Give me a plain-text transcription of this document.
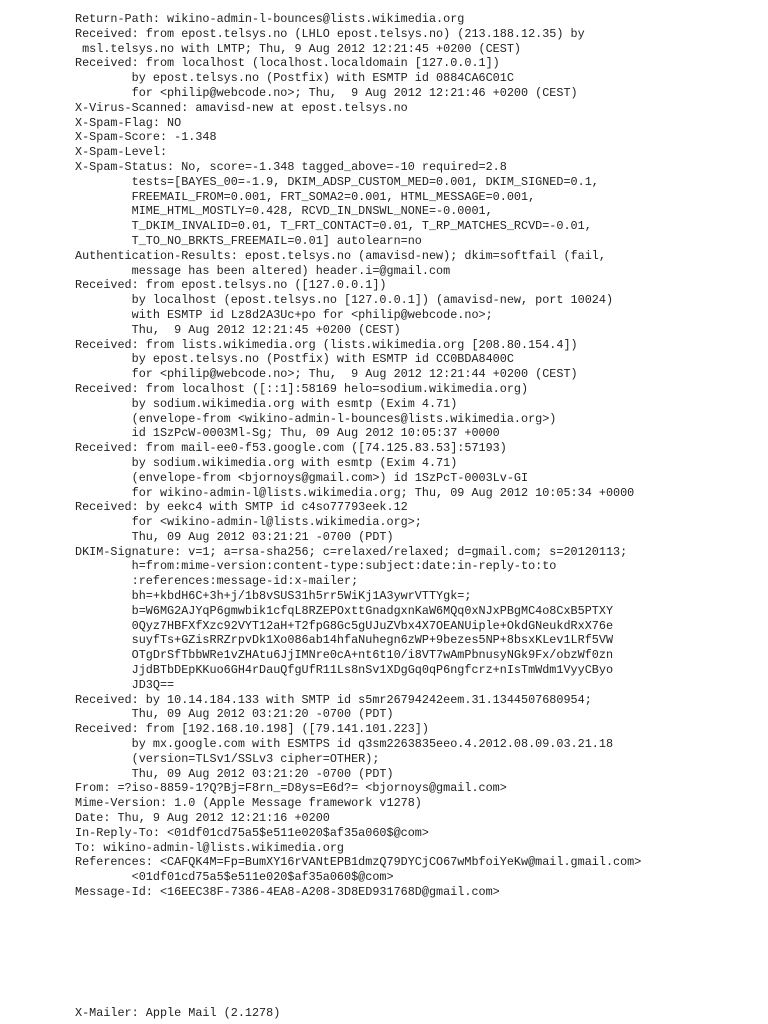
Return-Path: wikino-admin-l-bounces@lists.wikimedia.org
Received: from epost.telsys.no (LHLO epost.telsys.no) (213.188.12.35) by
msl.telsys.no with LMTP; Thu, 9 Aug 2012 12:21:45 +0200 (CEST)
Received: from localhost (localhost.localdomain [127.0.0.1])
by epost.telsys.no (Postfix) with ESMTP id 0884CA6C01C
for <philip@webcode.no>; Thu,  9 Aug 2012 12:21:46 +0200 (CEST)
X-Virus-Scanned: amavisd-new at epost.telsys.no
X-Spam-Flag: NO
X-Spam-Score: -1.348
X-Spam-Level:
X-Spam-Status: No, score=-1.348 tagged_above=-10 required=2.8
tests=[BAYES_00=-1.9, DKIM_ADSP_CUSTOM_MED=0.001, DKIM_SIGNED=0.1,
FREEMAIL_FROM=0.001, FRT_SOMA2=0.001, HTML_MESSAGE=0.001,
MIME_HTML_MOSTLY=0.428, RCVD_IN_DNSWL_NONE=-0.0001,
T_DKIM_INVALID=0.01, T_FRT_CONTACT=0.01, T_RP_MATCHES_RCVD=-0.01,
T_TO_NO_BRKTS_FREEMAIL=0.01] autolearn=no
Authentication-Results: epost.telsys.no (amavisd-new); dkim=softfail (fail,
message has been altered) header.i=@gmail.com
Received: from epost.telsys.no ([127.0.0.1])
by localhost (epost.telsys.no [127.0.0.1]) (amavisd-new, port 10024)
with ESMTP id Lz8d2A3Uc+po for <philip@webcode.no>;
Thu,  9 Aug 2012 12:21:45 +0200 (CEST)
Received: from lists.wikimedia.org (lists.wikimedia.org [208.80.154.4])
by epost.telsys.no (Postfix) with ESMTP id CC0BDA8400C
for <philip@webcode.no>; Thu,  9 Aug 2012 12:21:44 +0200 (CEST)
Received: from localhost ([::1]:58169 helo=sodium.wikimedia.org)
by sodium.wikimedia.org with esmtp (Exim 4.71)
(envelope-from <wikino-admin-l-bounces@lists.wikimedia.org>)
id 1SzPcW-0003Ml-Sg; Thu, 09 Aug 2012 10:05:37 +0000
Received: from mail-ee0-f53.google.com ([74.125.83.53]:57193)
by sodium.wikimedia.org with esmtp (Exim 4.71)
(envelope-from <bjornoys@gmail.com>) id 1SzPcT-0003Lv-GI
for wikino-admin-l@lists.wikimedia.org; Thu, 09 Aug 2012 10:05:34 +0000
Received: by eekc4 with SMTP id c4so77793eek.12
for <wikino-admin-l@lists.wikimedia.org>;
Thu, 09 Aug 2012 03:21:21 -0700 (PDT)
DKIM-Signature: v=1; a=rsa-sha256; c=relaxed/relaxed; d=gmail.com; s=20120113;
h=from:mime-version:content-type:subject:date:in-reply-to:to
:references:message-id:x-mailer;
bh=+kbdH6C+3h+j/1b8vSUS31h5rr5WiKj1A3ywrVTTYgk=;
b=W6MG2AJYqP6gmwbik1cfqL8RZEPOxttGnadgxnKaW6MQq0xNJxPBgMC4o8CxB5PTXY
0Qyz7HBFXfXzc92VYT12aH+T2fpG8Gc5gUJuZVbx4X7OEANUiple+OkdGNeukdRxX76e
suyfTs+GZisRRZrpvDk1Xo086ab14hfaNuhegn6zWP+9bezes5NP+8bsxKLev1LRf5VW
OTgDrSfTbbWRe1vZHAtu6JjIMNre0cA+nt6t10/i8VT7wAmPbnusyNGk9Fx/obzWf0zn
JjdBTbDEpKKuo6GH4rDauQfgUfR11Ls8nSv1XDgGq0qP6ngfcrz+nIsTmWdm1VyyCByo
JD3Q==
Received: by 10.14.184.133 with SMTP id s5mr26794242eem.31.1344507680954;
Thu, 09 Aug 2012 03:21:20 -0700 (PDT)
Received: from [192.168.10.198] ([79.141.101.223])
by mx.google.com with ESMTPS id q3sm2263835eeo.4.2012.08.09.03.21.18
(version=TLSv1/SSLv3 cipher=OTHER);
Thu, 09 Aug 2012 03:21:20 -0700 (PDT)
From: =?iso-8859-1?Q?Bj=F8rn_=D8ys=E6d?= <bjornoys@gmail.com>
Mime-Version: 1.0 (Apple Message framework v1278)
Date: Thu, 9 Aug 2012 12:21:16 +0200
In-Reply-To: <01df01cd75a5$e511e020$af35a060$@com>
To: wikino-admin-l@lists.wikimedia.org
References: <CAFQK4M=Fp=BumXY16rVANtEPB1dmzQ79DYCjCO67wMbfoiYeKw@mail.gmail.com>
<01df01cd75a5$e511e020$af35a060$@com>
Message-Id: <16EEC38F-7386-4EA8-A208-3D8ED931768D@gmail.com>
X-Mailer: Apple Mail (2.1278)
